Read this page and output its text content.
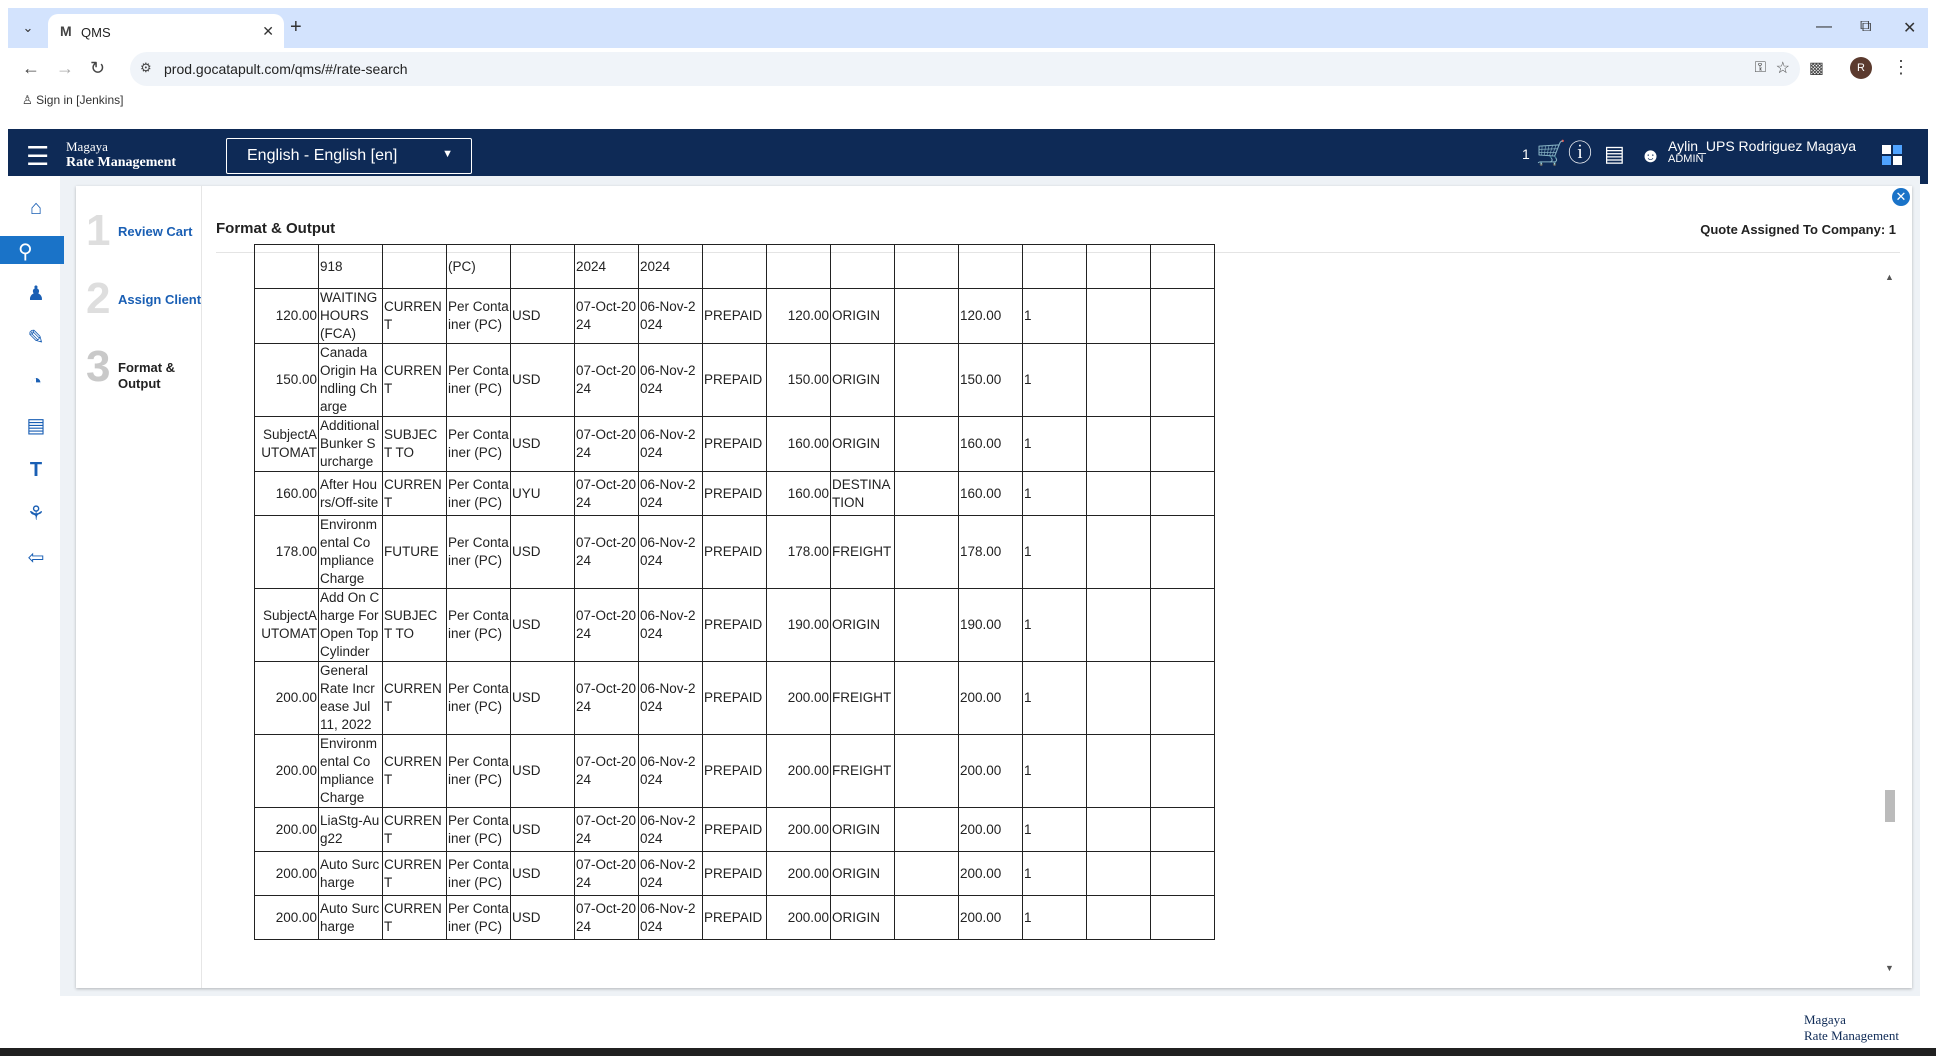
⌄	M QMS	✕ +	— ⧉ ✕
← → ↻	⚙ prod.gocatapult.com/qms/#/rate-search	⚿ ☆ ▩	R	⋮
♙ Sign in [Jenkins]
☰ Magaya
Rate Management	English - English [en]	▼	1 🛒 ⓘ ▤ ☻ Aylin_UPS Rodriguez Magaya
ADMIN
⌂
⚲
♟
✎
◔
▤
T
⚘
⇦
1 Review Cart
2 Assign Client
3 Format & Output
Format & Output	Quote Assigned To Company: 1
	918		(PC)		2024	2024								
120.00	WAITING HOURS (FCA)	CURRENT	Per Container (PC)	USD	07-Oct-2024	06-Nov-2024	PREPAID	120.00	ORIGIN		120.00	1		
150.00	Canada Origin Handling Charge	CURRENT	Per Container (PC)	USD	07-Oct-2024	06-Nov-2024	PREPAID	150.00	ORIGIN		150.00	1		
SubjectAUTOMAT	Additional Bunker Surcharge	SUBJECT TO	Per Container (PC)	USD	07-Oct-2024	06-Nov-2024	PREPAID	160.00	ORIGIN		160.00	1		
160.00	After Hours/Off-site	CURRENT	Per Container (PC)	UYU	07-Oct-2024	06-Nov-2024	PREPAID	160.00	DESTINATION		160.00	1		
178.00	Environmental Compliance Charge	FUTURE	Per Container (PC)	USD	07-Oct-2024	06-Nov-2024	PREPAID	178.00	FREIGHT		178.00	1		
SubjectAUTOMAT	Add On Charge For Open Top Cylinder	SUBJECT TO	Per Container (PC)	USD	07-Oct-2024	06-Nov-2024	PREPAID	190.00	ORIGIN		190.00	1		
200.00	General Rate Increase Jul 11, 2022	CURRENT	Per Container (PC)	USD	07-Oct-2024	06-Nov-2024	PREPAID	200.00	FREIGHT		200.00	1		
200.00	Environmental Compliance Charge	CURRENT	Per Container (PC)	USD	07-Oct-2024	06-Nov-2024	PREPAID	200.00	FREIGHT		200.00	1		
200.00	LiaStg-Aug22	CURRENT	Per Container (PC)	USD	07-Oct-2024	06-Nov-2024	PREPAID	200.00	ORIGIN		200.00	1		
200.00	Auto Surcharge	CURRENT	Per Container (PC)	USD	07-Oct-2024	06-Nov-2024	PREPAID	200.00	ORIGIN		200.00	1		
200.00	Auto Surcharge	CURRENT	Per Container (PC)	USD	07-Oct-2024	06-Nov-2024	PREPAID	200.00	ORIGIN		200.00	1		
▲
▼
✕
Magaya
Rate Management
